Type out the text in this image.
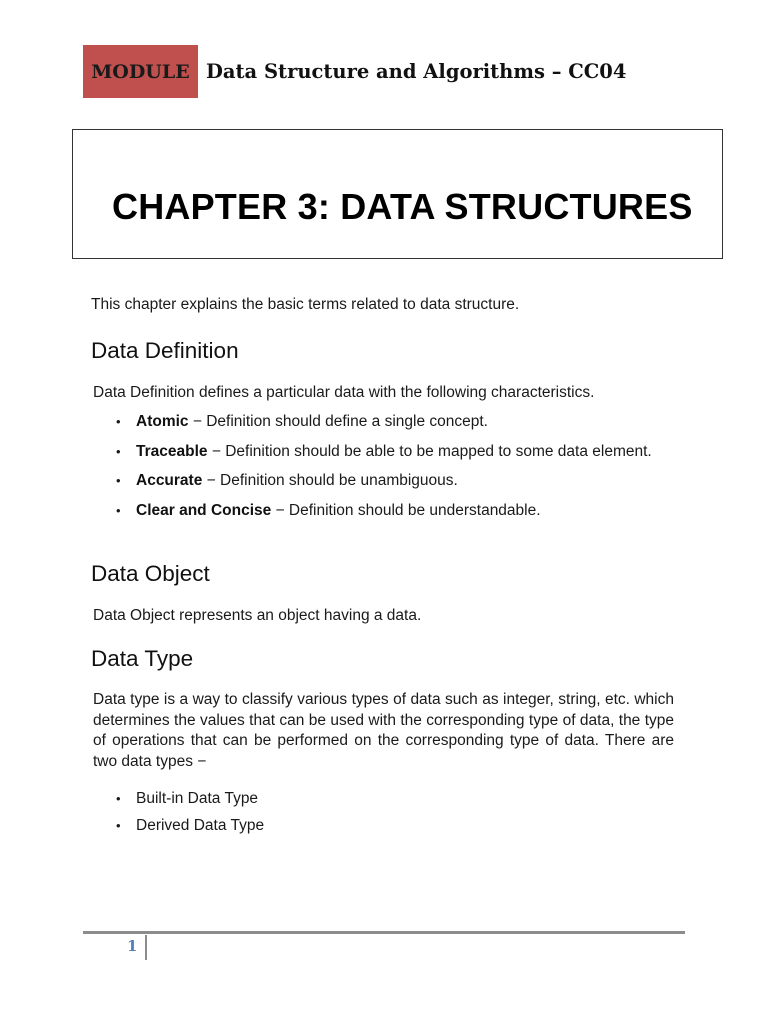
MODULE Data Structure and Algorithms – CC04
CHAPTER 3: DATA STRUCTURES
This chapter explains the basic terms related to data structure.
Data Definition
Data Definition defines a particular data with the following characteristics.
• Atomic − Definition should define a single concept.
• Traceable − Definition should be able to be mapped to some data element.
• Accurate − Definition should be unambiguous.
• Clear and Concise − Definition should be understandable.
Data Object
Data Object represents an object having a data.
Data Type
Data type is a way to classify various types of data such as integer, string, etc. which determines the values that can be used with the corresponding type of data, the type of operations that can be performed on the corresponding type of data. There are two data types −
• Built-in Data Type
• Derived Data Type
1
